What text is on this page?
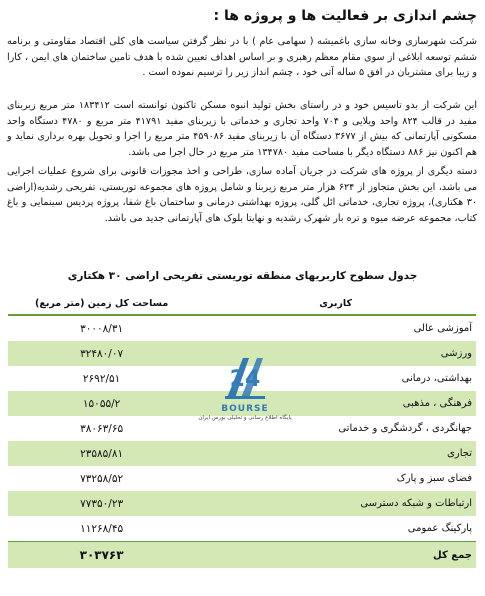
چشم اندازی بر فعالیت ها و پروژه ها :
شرکت شهرسازی وخانه سازی باغمیشه ( سهامی عام ) با در نظر گرفتن سیاست های کلی اقتصاد مقاومتی و برنامه ششم توسعه ابلاغی از سوی مقام معظم رهبری و بر اساس اهداف تعیین شده با هدف تامین ساختمان های ایمن ، کارا و زیبا برای مشتریان در افق ۵ ساله آتی خود ، چشم انداز زیر را ترسیم نموده است .
این شرکت از بدو تاسیس خود و در راستای بخش تولید انبوه مسکن تاکنون توانسته است ۱۸۳۴۱۲ متر مربع زیربنای مفید در قالب ۸۲۴ واحد ویلایی و ۷۰۴ واحد تجاری و خدماتی با زیربنای مفید ۴۱۷۹۱ متر مربع و ۴۷۸۰ دستگاه واحد مسکونی آپارتمانی که بیش از ۳۶۷۷ دستگاه آن با زیربنای مفید ۴۵۹۰۸۶ متر مربع را اجرا و تحویل بهره برداری نماید و هم اکنون نیز ۸۸۶ دستگاه دیگر با مساحت مفید ۱۳۴۷۸۰ متر مربع در حال اجرا می باشد.
دسته دیگری از پروژه های شرکت در جریان آماده سازی، طراحی و اخذ مجوزات قانونی برای شروع عملیات اجرایی می باشد، این بخش متجاوز از ۶۲۴ هزار متر مربع زیربنا و شامل پروژه های مجموعه توریستی، تفریحی رشدیه(اراضی ۳۰ هکتاری)، پروژه تجاری، خدماتی ائل گلی، پروژه بهداشتی درمانی و ساختمان باغ شفا، پروژه پردیس سینمایی و باغ کتاب، مجموعه عرضه میوه و تره بار شهرک رشدیه و نهایتا بلوک های آپارتمانی جدید می باشد.
جدول سطوح کاربریهای منطقه توریستی تفریحی اراضی ۳۰ هکتاری
کاربری
مساحت کل زمین (متر مربع)
آموزشی عالی
۳۰۰۰۸/۳۱
ورزشی
۳۲۴۸۰/۰۷
بهداشتی، درمانی
۲۶۹۲/۵۱
فرهنگی ، مذهبی
۱۵۰۵۵/۲
جهانگردی ، گردشگری و خدماتی
۳۸۰۶۳/۶۵
تجاری
۲۳۵۸۵/۸۱
فضای سبز و پارک
۷۳۲۵۸/۵۲
ارتباطات و شبکه دسترسی
۷۷۳۵۰/۲۳
پارکینگ عمومی
۱۱۲۶۸/۴۵
جمع کل
۳۰۳۷۶۳
24
BOURSE
پایگاه اطلاع رسانی و تحلیلی بورس ایران
